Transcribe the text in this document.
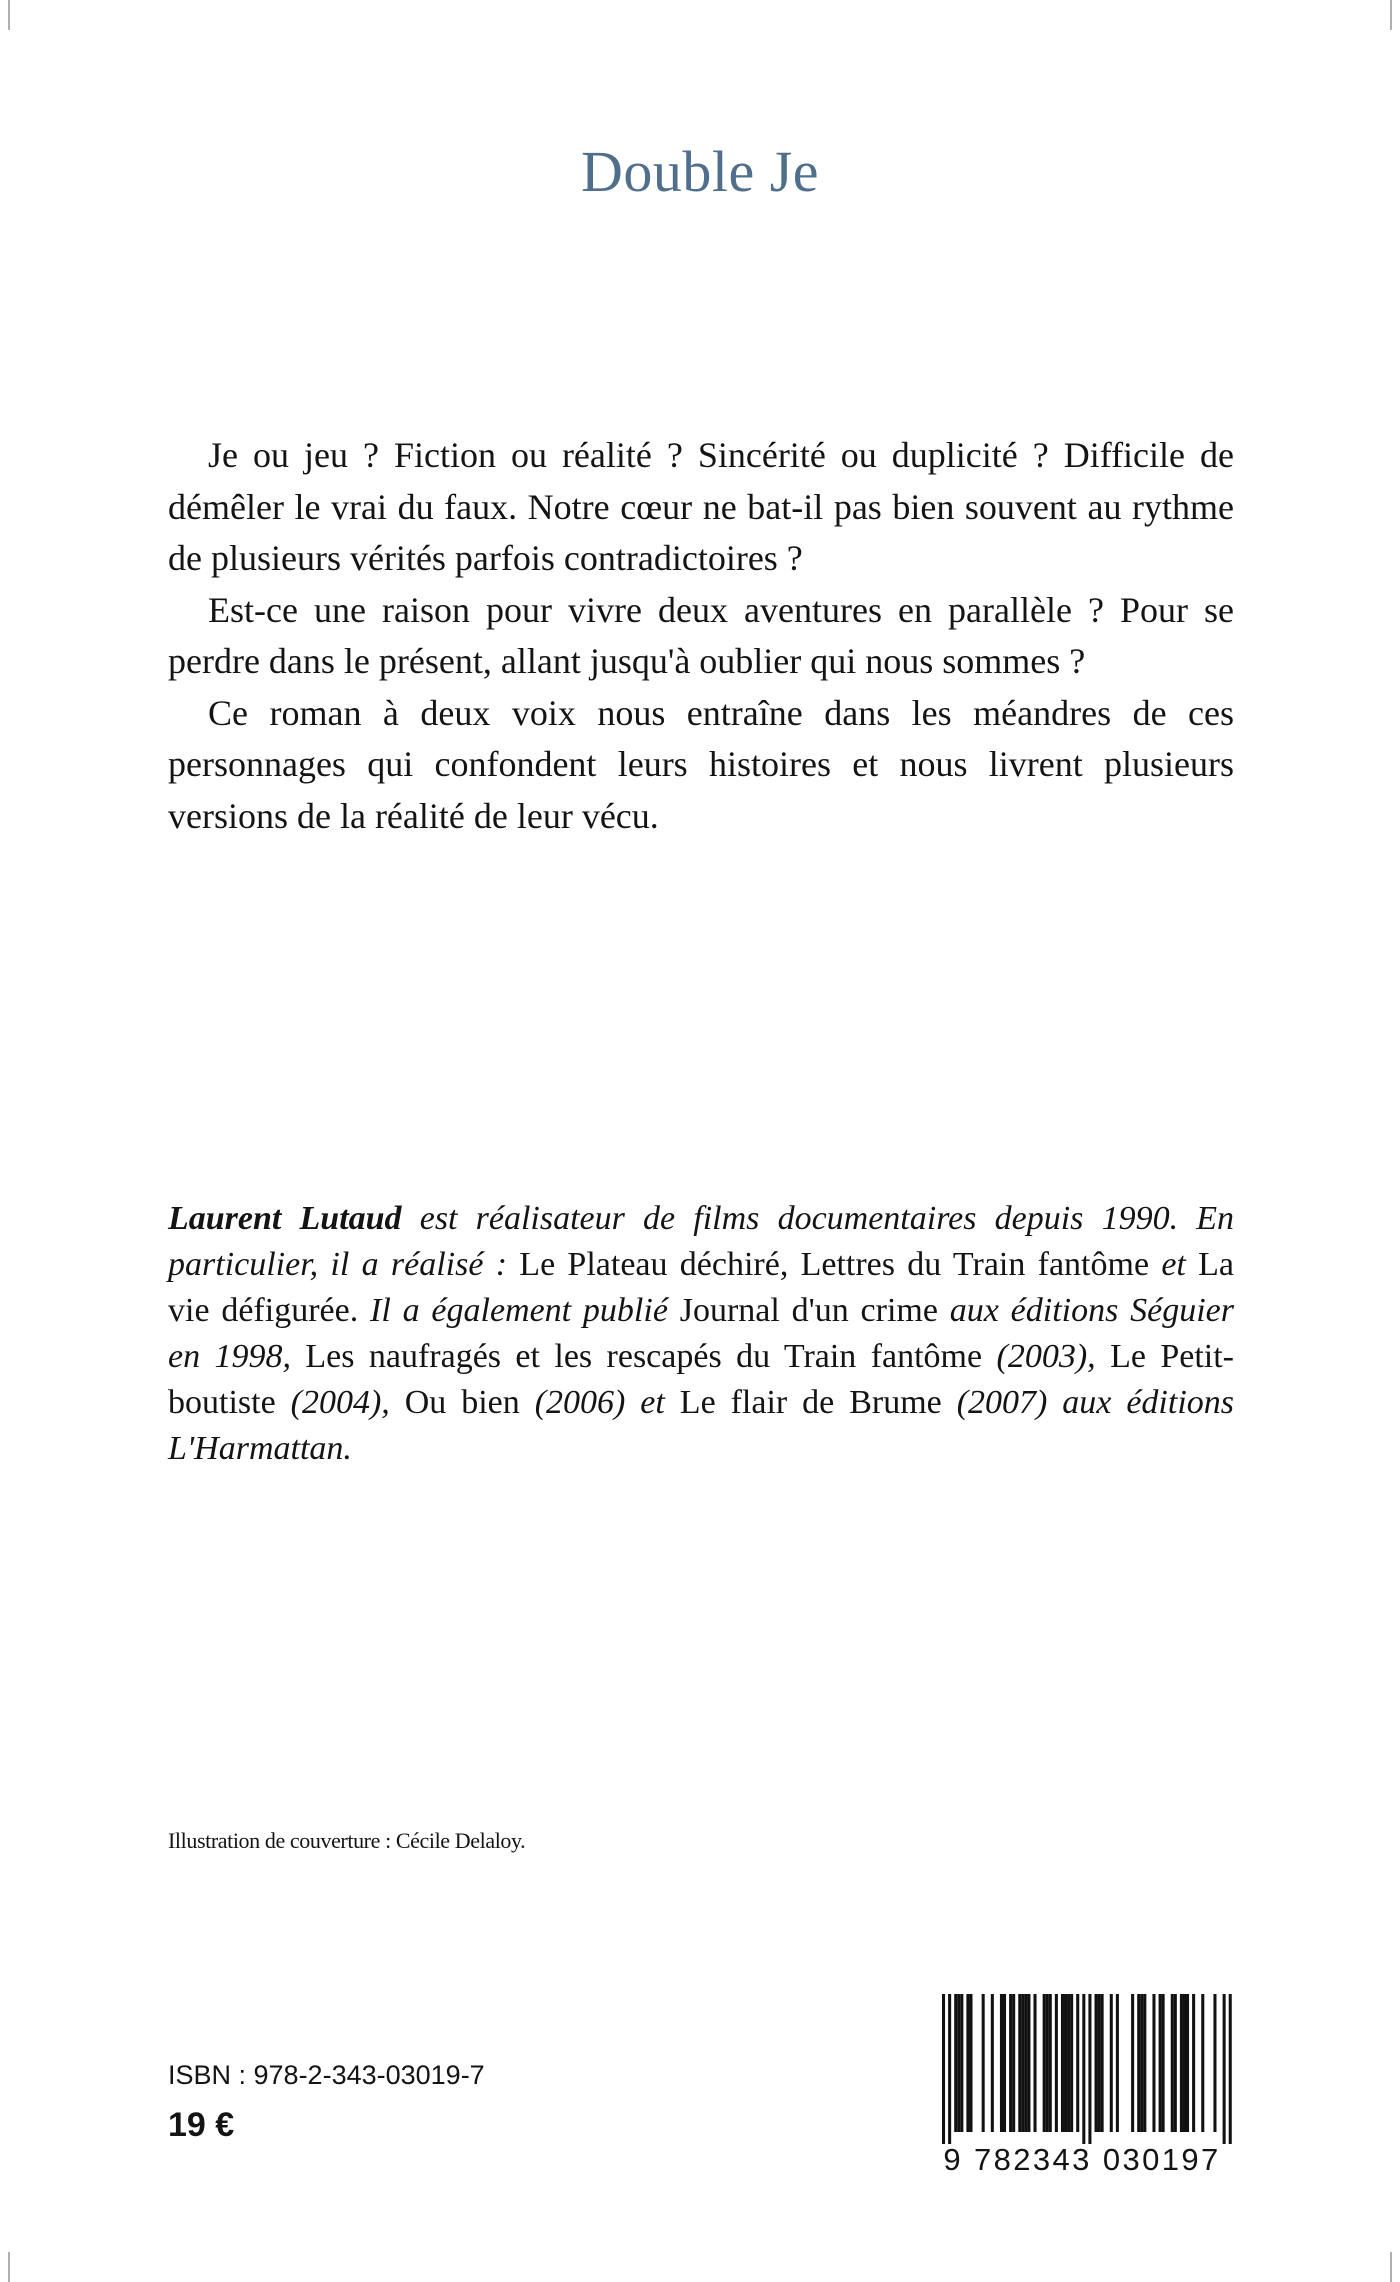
Double Je

Je ou jeu ? Fiction ou réalité ? Sincérité ou duplicité ? Difficile de démêler le vrai du faux. Notre cœur ne bat-il pas bien souvent au rythme de plusieurs vérités parfois contradictoires ?

Est-ce une raison pour vivre deux aventures en parallèle ? Pour se perdre dans le présent, allant jusqu'à oublier qui nous sommes ?

Ce roman à deux voix nous entraîne dans les méandres de ces personnages qui confondent leurs histoires et nous livrent plusieurs versions de la réalité de leur vécu.

Laurent Lutaud est réalisateur de films documentaires depuis 1990. En particulier, il a réalisé : Le Plateau déchiré, Lettres du Train fantôme et La vie défigurée. Il a également publié Journal d'un crime aux éditions Séguier en 1998, Les naufragés et les rescapés du Train fantôme (2003), Le Petit-boutiste (2004), Ou bien (2006) et Le flair de Brume (2007) aux éditions L'Harmattan.

Illustration de couverture : Cécile Delaloy.
ISBN : 978-2-343-03019-7
19 €
9 782343 030197
